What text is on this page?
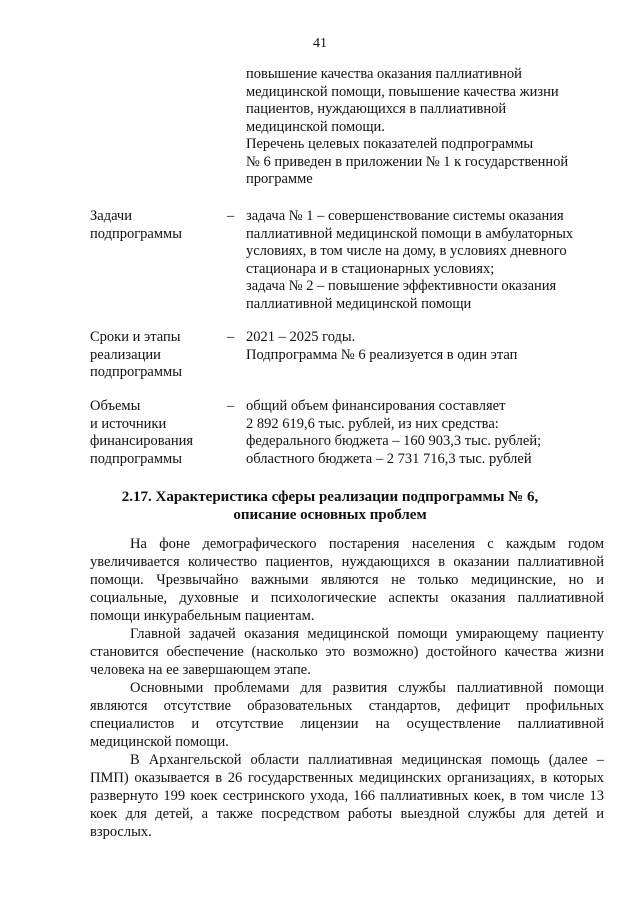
41

повышение качества оказания паллиативной

медицинской помощи, повышение качества жизни

пациентов, нуждающихся в паллиативной

медицинской помощи.

Перечень целевых показателей подпрограммы

№ 6 приведен в приложении № 1 к государственной

программе

Задачи

подпрограммы

– задача № 1 – совершенствование системы оказания

паллиативной медицинской помощи в амбулаторных

условиях, в том числе на дому, в условиях дневного

стационара и в стационарных условиях;

задача № 2 – повышение эффективности оказания

паллиативной медицинской помощи

Сроки и этапы

реализации

подпрограммы

– 2021 – 2025 годы.

Подпрограмма № 6 реализуется в один этап

Объемы

и источники

финансирования

подпрограммы

– общий объем финансирования составляет

2 892 619,6 тыс. рублей, из них средства:

федерального бюджета – 160 903,3 тыс. рублей;

областного бюджета – 2 731 716,3 тыс. рублей

2.17. Характеристика сферы реализации подпрограммы № 6,
описание основных проблем

На фоне демографического постарения населения с каждым годом увеличивается количество пациентов, нуждающихся в оказании паллиативной помощи. Чрезвычайно важными являются не только медицинские, но и социальные, духовные и психологические аспекты оказания паллиативной помощи инкурабельным пациентам.

Главной задачей оказания медицинской помощи умирающему пациенту становится обеспечение (насколько это возможно) достойного качества жизни человека на ее завершающем этапе.

Основными проблемами для развития службы паллиативной помощи являются отсутствие образовательных стандартов, дефицит профильных специалистов и отсутствие лицензии на осуществление паллиативной медицинской помощи.

В Архангельской области паллиативная медицинская помощь (далее – ПМП) оказывается в 26 государственных медицинских организациях, в которых развернуто 199 коек сестринского ухода, 166 паллиативных коек, в том числе 13 коек для детей, а также посредством работы выездной службы для детей и взрослых.
